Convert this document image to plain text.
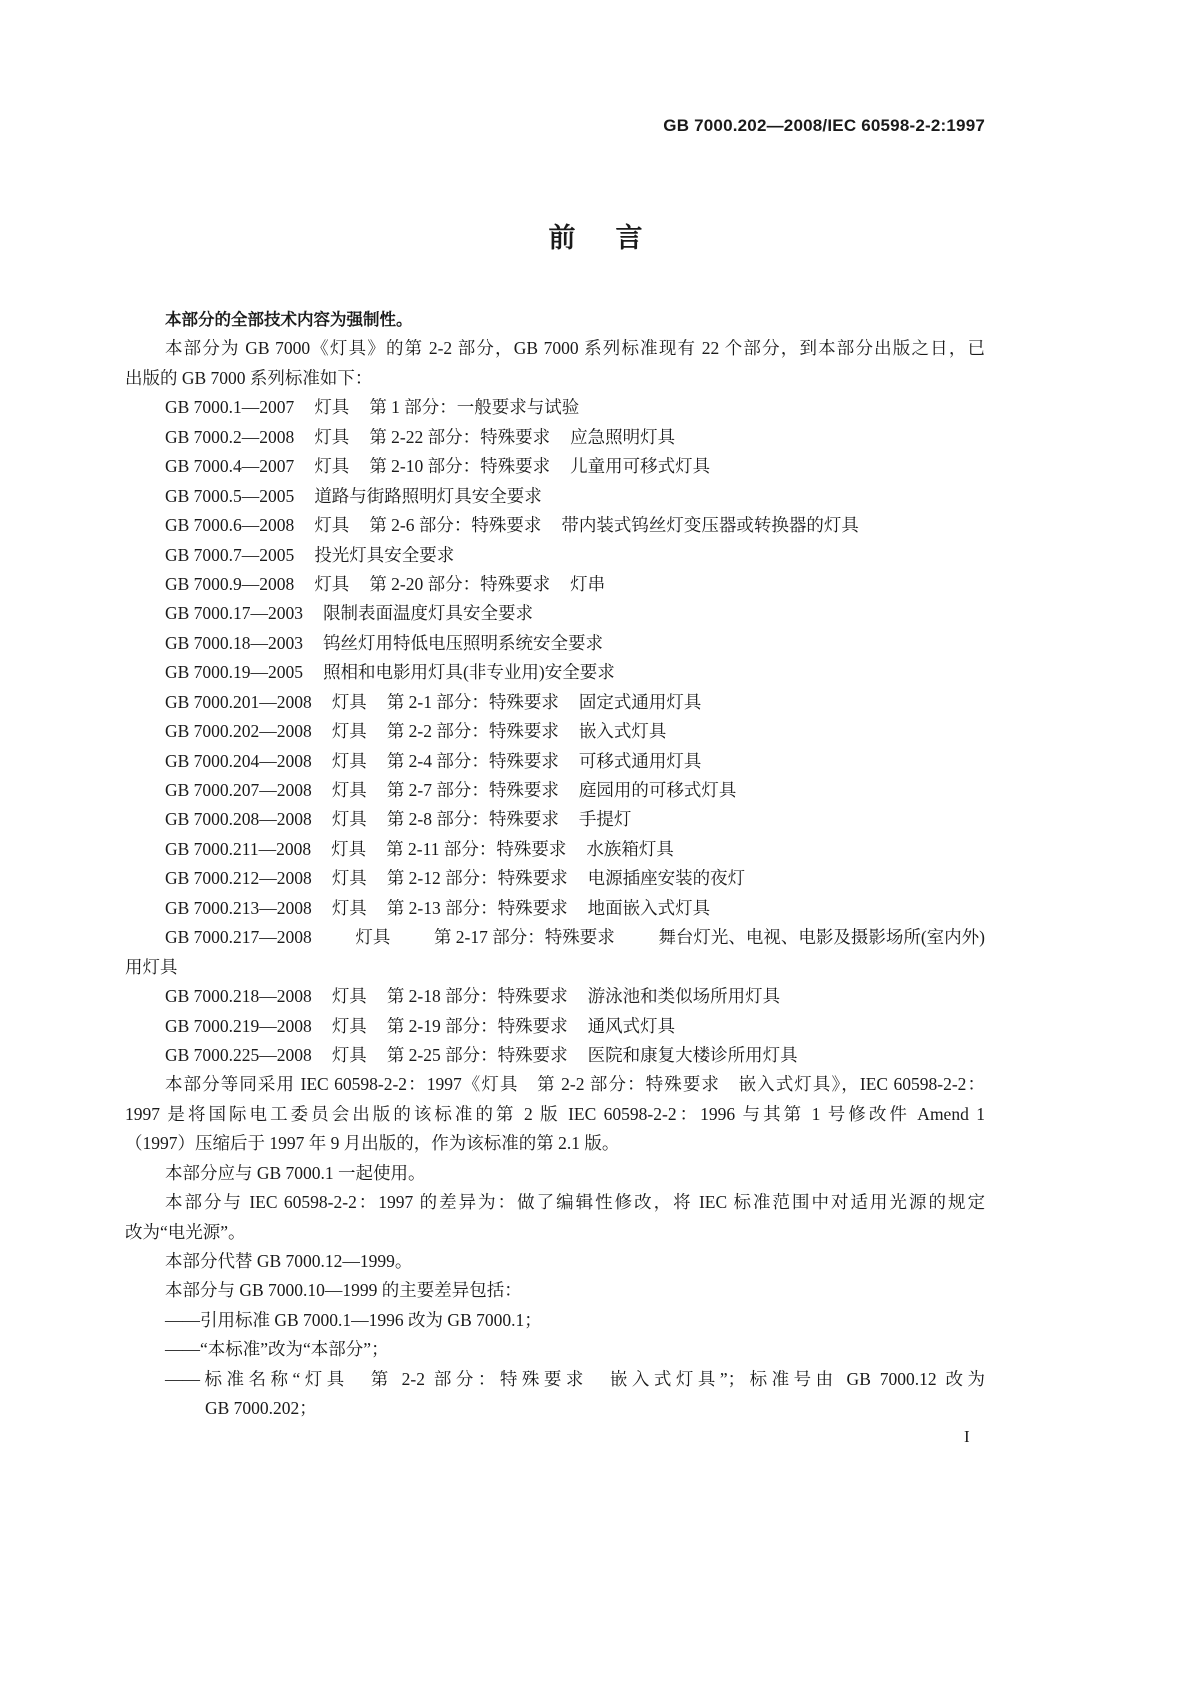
GB 7000.202—2008/IEC 60598-2-2:1997
前言
本部分的全部技术内容为强制性。
本部分为 GB 7000《灯具》的第 2-2 部分，GB 7000 系列标准现有 22 个部分，到本部分出版之日，已
出版的 GB 7000 系列标准如下：
GB 7000.1—2007 灯具 第 1 部分：一般要求与试验
GB 7000.2—2008 灯具 第 2-22 部分：特殊要求 应急照明灯具
GB 7000.4—2007 灯具 第 2-10 部分：特殊要求 儿童用可移式灯具
GB 7000.5—2005 道路与街路照明灯具安全要求
GB 7000.6—2008 灯具 第 2-6 部分：特殊要求 带内装式钨丝灯变压器或转换器的灯具
GB 7000.7—2005 投光灯具安全要求
GB 7000.9—2008 灯具 第 2-20 部分：特殊要求 灯串
GB 7000.17—2003 限制表面温度灯具安全要求
GB 7000.18—2003 钨丝灯用特低电压照明系统安全要求
GB 7000.19—2005 照相和电影用灯具(非专业用)安全要求
GB 7000.201—2008 灯具 第 2-1 部分：特殊要求 固定式通用灯具
GB 7000.202—2008 灯具 第 2-2 部分：特殊要求 嵌入式灯具
GB 7000.204—2008 灯具 第 2-4 部分：特殊要求 可移式通用灯具
GB 7000.207—2008 灯具 第 2-7 部分：特殊要求 庭园用的可移式灯具
GB 7000.208—2008 灯具 第 2-8 部分：特殊要求 手提灯
GB 7000.211—2008 灯具 第 2-11 部分：特殊要求 水族箱灯具
GB 7000.212—2008 灯具 第 2-12 部分：特殊要求 电源插座安装的夜灯
GB 7000.213—2008 灯具 第 2-13 部分：特殊要求 地面嵌入式灯具
GB 7000.217—2008 灯具 第 2-17 部分：特殊要求 舞台灯光、电视、电影及摄影场所(室内外)
用灯具
GB 7000.218—2008 灯具 第 2-18 部分：特殊要求 游泳池和类似场所用灯具
GB 7000.219—2008 灯具 第 2-19 部分：特殊要求 通风式灯具
GB 7000.225—2008 灯具 第 2-25 部分：特殊要求 医院和康复大楼诊所用灯具
本部分等同采用 IEC 60598-2-2：1997《灯具　第 2-2 部分：特殊要求　嵌入式灯具》，IEC 60598-2-2：
1997 是将国际电工委员会出版的该标准的第 2 版 IEC 60598-2-2：1996 与其第 1 号修改件 Amend 1
（1997）压缩后于 1997 年 9 月出版的，作为该标准的第 2.1 版。
本部分应与 GB 7000.1 一起使用。
本部分与 IEC 60598-2-2：1997 的差异为：做了编辑性修改，将 IEC 标准范围中对适用光源的规定
改为“电光源”。
本部分代替 GB 7000.12—1999。
本部分与 GB 7000.10—1999 的主要差异包括：
——引用标准 GB 7000.1—1996 改为 GB 7000.1；
——“本标准”改为“本部分”；
——标准名称“灯具　第 2-2 部分：特殊要求　嵌入式灯具”；标准号由 GB 7000.12 改为
GB 7000.202；
I
